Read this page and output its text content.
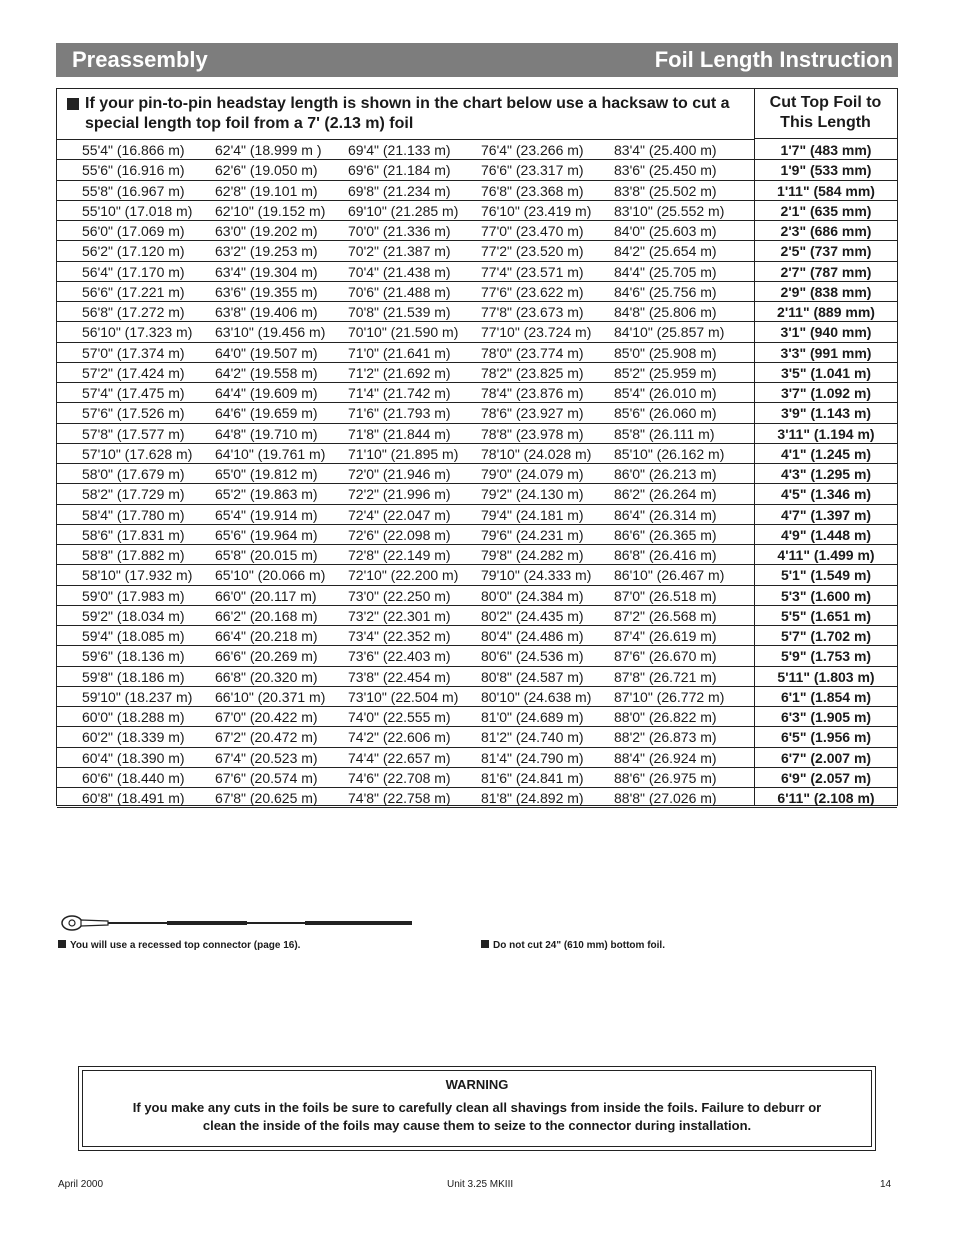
Preassembly	Foil Length Instruction
If your pin-to-pin headstay length is shown in the chart below use a hacksaw to cut a special length top foil from a 7' (2.13 m) foil
Cut Top Foil to This Length
55'4" (16.866 m) 62'4" (18.999 m ) 69'4" (21.133 m) 76'4" (23.266 m) 83'4" (25.400 m)	1'7" (483 mm)
55'6" (16.916 m) 62'6" (19.050 m) 69'6" (21.184 m) 76'6" (23.317 m) 83'6" (25.450 m)	1'9" (533 mm)
55'8" (16.967 m) 62'8" (19.101 m) 69'8" (21.234 m) 76'8" (23.368 m) 83'8" (25.502 m)	1'11" (584 mm)
55'10" (17.018 m) 62'10" (19.152 m) 69'10" (21.285 m) 76'10" (23.419 m) 83'10" (25.552 m)	2'1" (635 mm)
56'0" (17.069 m) 63'0" (19.202 m) 70'0" (21.336 m) 77'0" (23.470 m) 84'0" (25.603 m)	2'3" (686 mm)
56'2" (17.120 m) 63'2" (19.253 m) 70'2" (21.387 m) 77'2" (23.520 m) 84'2" (25.654 m)	2'5" (737 mm)
56'4" (17.170 m) 63'4" (19.304 m) 70'4" (21.438 m) 77'4" (23.571 m) 84'4" (25.705 m)	2'7" (787 mm)
56'6" (17.221 m) 63'6" (19.355 m) 70'6" (21.488 m) 77'6" (23.622 m) 84'6" (25.756 m)	2'9" (838 mm)
56'8" (17.272 m) 63'8" (19.406 m) 70'8" (21.539 m) 77'8" (23.673 m) 84'8" (25.806 m)	2'11" (889 mm)
56'10" (17.323 m) 63'10" (19.456 m) 70'10" (21.590 m) 77'10" (23.724 m) 84'10" (25.857 m)	3'1" (940 mm)
57'0" (17.374 m) 64'0" (19.507 m) 71'0" (21.641 m) 78'0" (23.774 m) 85'0" (25.908 m)	3'3" (991 mm)
57'2" (17.424 m) 64'2" (19.558 m) 71'2" (21.692 m) 78'2" (23.825 m) 85'2" (25.959 m)	3'5" (1.041 m)
57'4" (17.475 m) 64'4" (19.609 m) 71'4" (21.742 m) 78'4" (23.876 m) 85'4" (26.010 m)	3'7" (1.092 m)
57'6" (17.526 m) 64'6" (19.659 m) 71'6" (21.793 m) 78'6" (23.927 m) 85'6" (26.060 m)	3'9" (1.143 m)
57'8" (17.577 m) 64'8" (19.710 m) 71'8" (21.844 m) 78'8" (23.978 m) 85'8" (26.111 m)	3'11" (1.194 m)
57'10" (17.628 m) 64'10" (19.761 m) 71'10" (21.895 m) 78'10" (24.028 m) 85'10" (26.162 m)	4'1" (1.245 m)
58'0" (17.679 m) 65'0" (19.812 m) 72'0" (21.946 m) 79'0" (24.079 m) 86'0" (26.213 m)	4'3" (1.295 m)
58'2" (17.729 m) 65'2" (19.863 m) 72'2" (21.996 m) 79'2" (24.130 m) 86'2" (26.264 m)	4'5" (1.346 m)
58'4" (17.780 m) 65'4" (19.914 m) 72'4" (22.047 m) 79'4" (24.181 m) 86'4" (26.314 m)	4'7" (1.397 m)
58'6" (17.831 m) 65'6" (19.964 m) 72'6" (22.098 m) 79'6" (24.231 m) 86'6" (26.365 m)	4'9" (1.448 m)
58'8" (17.882 m) 65'8" (20.015 m) 72'8" (22.149 m) 79'8" (24.282 m) 86'8" (26.416 m)	4'11" (1.499 m)
58'10" (17.932 m) 65'10" (20.066 m) 72'10" (22.200 m) 79'10" (24.333 m) 86'10" (26.467 m)	5'1" (1.549 m)
59'0" (17.983 m) 66'0" (20.117 m) 73'0" (22.250 m) 80'0" (24.384 m) 87'0" (26.518 m)	5'3" (1.600 m)
59'2" (18.034 m) 66'2" (20.168 m) 73'2" (22.301 m) 80'2" (24.435 m) 87'2" (26.568 m)	5'5" (1.651 m)
59'4" (18.085 m) 66'4" (20.218 m) 73'4" (22.352 m) 80'4" (24.486 m) 87'4" (26.619 m)	5'7" (1.702 m)
59'6" (18.136 m) 66'6" (20.269 m) 73'6" (22.403 m) 80'6" (24.536 m) 87'6" (26.670 m)	5'9" (1.753 m)
59'8" (18.186 m) 66'8" (20.320 m) 73'8" (22.454 m) 80'8" (24.587 m) 87'8" (26.721 m)	5'11" (1.803 m)
59'10" (18.237 m) 66'10" (20.371 m) 73'10" (22.504 m) 80'10" (24.638 m) 87'10" (26.772 m)	6'1" (1.854 m)
60'0" (18.288 m) 67'0" (20.422 m) 74'0" (22.555 m) 81'0" (24.689 m) 88'0" (26.822 m)	6'3" (1.905 m)
60'2" (18.339 m) 67'2" (20.472 m) 74'2" (22.606 m) 81'2" (24.740 m) 88'2" (26.873 m)	6'5" (1.956 m)
60'4" (18.390 m) 67'4" (20.523 m) 74'4" (22.657 m) 81'4" (24.790 m) 88'4" (26.924 m)	6'7" (2.007 m)
60'6" (18.440 m) 67'6" (20.574 m) 74'6" (22.708 m) 81'6" (24.841 m) 88'6" (26.975 m)	6'9" (2.057 m)
60'8" (18.491 m) 67'8" (20.625 m) 74'8" (22.758 m) 81'8" (24.892 m) 88'8" (27.026 m)	6'11" (2.108 m)
You will use a recessed top connector (page 16).	Do not cut 24" (610 mm) bottom foil.
WARNING
If you make any cuts in the foils be sure to carefully clean all shavings from inside the foils. Failure to deburr or clean the inside of the foils may cause them to seize to the connector during installation.
April 2000	Unit 3.25 MKIII	14
